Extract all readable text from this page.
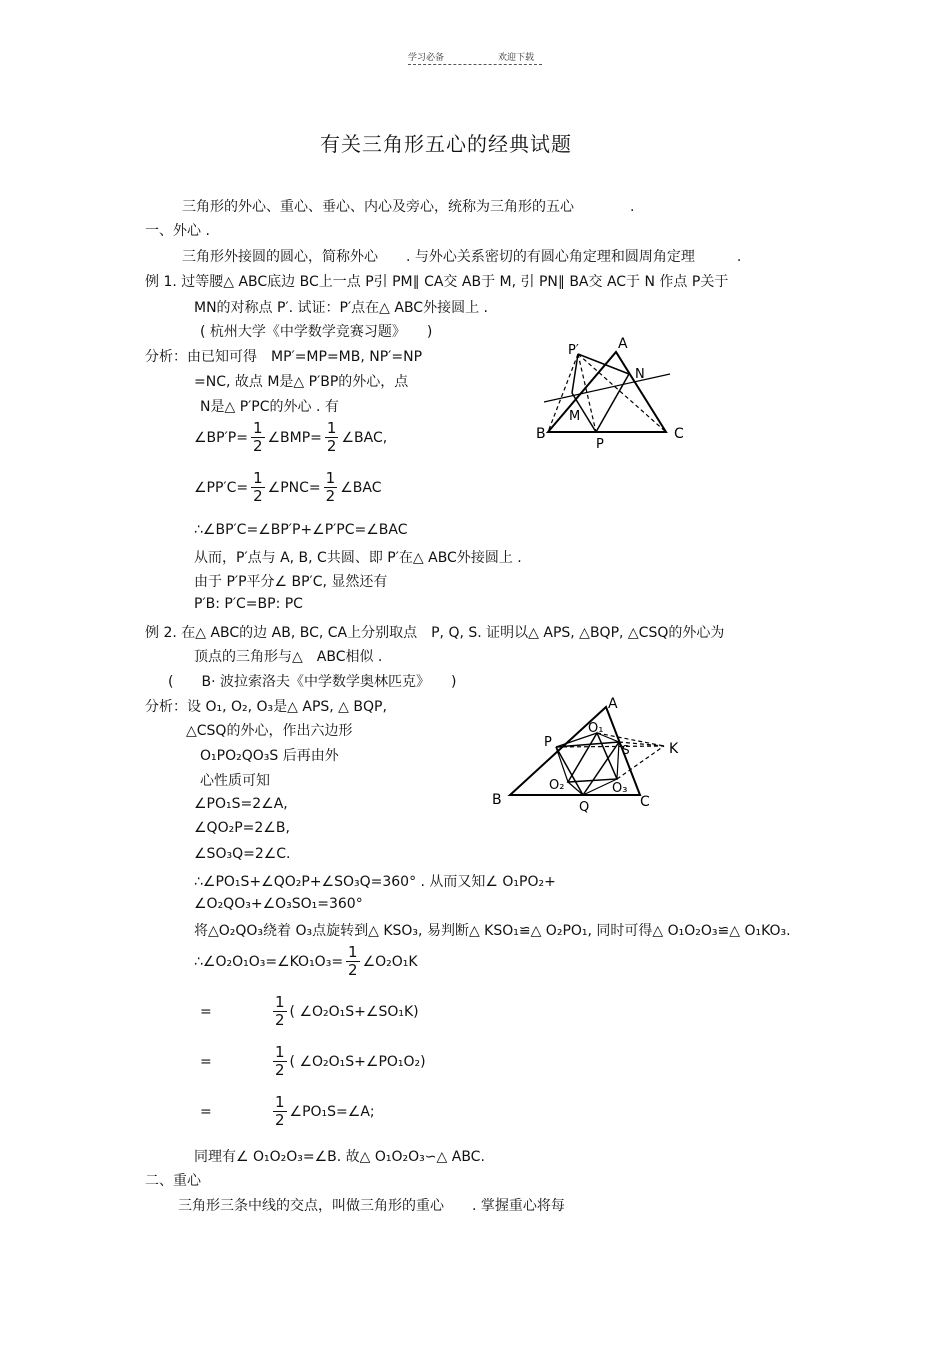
学习必备	欢迎下载
有关三角形五心的经典试题
三角形的外心、重心、垂心、内心及旁心，统称为三角形的五心　　　　.
一、外心 .
三角形外接圆的圆心，简称外心　　. 与外心关系密切的有圆心角定理和圆周角定理　　　.
例 1. 过等腰△ ABC底边 BC上一点 P引 PM∥ CA交 AB于 M, 引 PN∥ BA交 AC于 N 作点 P关于
MN的对称点 P′. 试证：P′点在△ ABC外接圆上 .
( 杭州大学《中学数学竞赛习题》　　)
分析：由已知可得　MP′=MP=MB, NP′=NP
=NC, 故点 M是△ P′BP的外心，点
N是△ P′PC的外心 . 有
∠BP′P= $\frac{1}{2}$ ∠BMP= $\frac{1}{2}$ ∠BAC,
∠PP′C= $\frac{1}{2}$ ∠PNC= $\frac{1}{2}$ ∠BAC
∴∠BP′C=∠BP′P+∠P′PC=∠BAC
从而，P′点与 A, B, C共圆、即 P′在△ ABC外接圆上 .
由于 P′P平分∠ BP′C, 显然还有
P′B: P′C=BP: PC
A
B	C
P
P′
M
N
例 2. 在△ ABC的边 AB, BC, CA上分别取点　P, Q, S. 证明以△ APS, △BQP, △CSQ的外心为
顶点的三角形与△　ABC相似 .
(　　B· 波拉索洛夫《中学数学奥林匹克》　　)
分析：设 O₁, O₂, O₃是△ APS, △ BQP,
△CSQ的外心，作出六边形
O₁PO₂QO₃S 后再由外
心性质可知
∠PO₁S=2∠A,
∠QO₂P=2∠B,
∠SO₃Q=2∠C.
∴∠PO₁S+∠QO₂P+∠SO₃Q=360° . 从而又知∠ O₁PO₂+
∠O₂QO₃+∠O₃SO₁=360°
将△O₂QO₃绕着 O₃点旋转到△ KSO₃, 易判断△ KSO₁≌△ O₂PO₁, 同时可得△ O₁O₂O₃≌△ O₁KO₃.
∴∠O₂O₁O₃=∠KO₁O₃= $\frac{1}{2}$ ∠O₂O₁K
=	$\frac{1}{2}$ ( ∠O₂O₁S+∠SO₁K)
=	$\frac{1}{2}$ ( ∠O₂O₁S+∠PO₁O₂)
=	$\frac{1}{2}$ ∠PO₁S=∠A;
同理有∠ O₁O₂O₃=∠B. 故△ O₁O₂O₃∽△ ABC.
A
B	C
P
Q
S	K
O₁
O₂	O₃
二、重心
三角形三条中线的交点，叫做三角形的重心　　. 掌握重心将每
